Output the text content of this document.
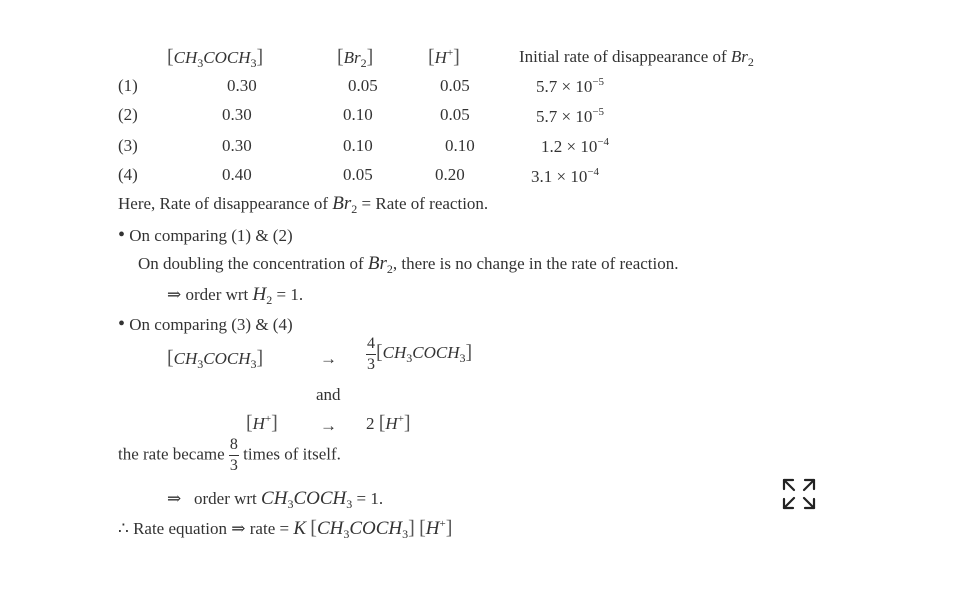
$[CH_3COCH_3]$	$[Br_2]$	[H+]	Initial rate of disappearance of $Br_2$
(1)	0.30	0.05	0.05	$5.7 \times 10^{-5}$
(2)	0.30	0.10	0.05	$5.7 \times 10^{-5}$
(3)	0.30	0.10	0.10	$1.2 \times 10^{-4}$
(4)	0.40	0.05	0.20	$3.1 \times 10^{-4}$
Here, Rate of disappearance of $Br_2$ = Rate of reaction.
• On comparing (1) & (2)
On doubling the concentration of $Br_2$, there is no change in the rate of reaction.
⇒ order wrt $H_2 = 1$.
• On comparing (3) & (4)
$[CH_3COCH_3]$	→ $\frac{4}{3}$ $[CH_3COCH_3]$
and
[H+] → 2 [H+]
the rate became $\frac{8}{3}$ times of itself.
⇒ order wrt $CH_3COCH_3 = 1$.
∴ Rate equation ⇒ rate = K $[CH_3COCH_3]$ [H+]
